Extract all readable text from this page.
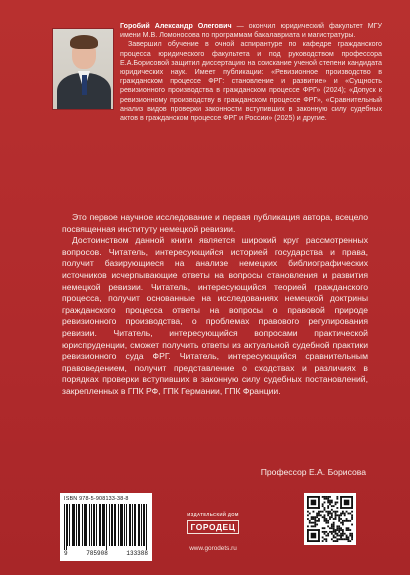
Горобий Александр Олегович — окончил юридический факультет МГУ имени М.В. Ломоносова по программам бакалавриата и магистратуры.

Завершил обучение в очной аспирантуре по кафедре гражданского процесса юридического факультета и под руководством профессора Е.А.Борисовой защитил диссертацию на соискание ученой степени кандидата юридических наук. Имеет публикации: «Ревизионное производство в гражданском процессе ФРГ: становление и развитие» и «Сущность ревизионного производства в гражданском процессе ФРГ» (2024); «Допуск к ревизионному производству в гражданском процессе ФРГ», «Сравнительный анализ видов проверки законности вступивших в законную силу судебных актов в гражданском процессе ФРГ и России» (2025) и другие.

Это первое научное исследование и первая публикация автора, всецело посвященная институту немецкой ревизии.

Достоинством данной книги является широкий круг рассмотренных вопросов. Читатель, интересующийся историей государства и права, получит базирующиеся на анализе немецких библиографических источников исчерпывающие ответы на вопросы становления и развития немецкой ревизии. Читатель, интересующийся теорией гражданского процесса, получит основанные на исследованиях немецкой доктрины гражданского процесса ответы на вопросы о правовой природе ревизионного производства, о проблемах правового регулирования ревизии. Читатель, интересующийся вопросами практической юриспруденции, сможет получить ответы из актуальной судебной практики ревизионного суда ФРГ. Читатель, интересующийся сравнительным правоведением, получит представление о сходствах и различиях в порядках проверки вступивших в законную силу судебных постановлений, закрепленных в ГПК РФ, ГПК Германии, ГПК Франции.

Профессор Е.А. Борисова
ISBN 978-5-908133-38-8
9	785908	133388
ИЗДАТЕЛЬСКИЙ ДОМ
ГОРОДЕЦ
www.gorodets.ru
